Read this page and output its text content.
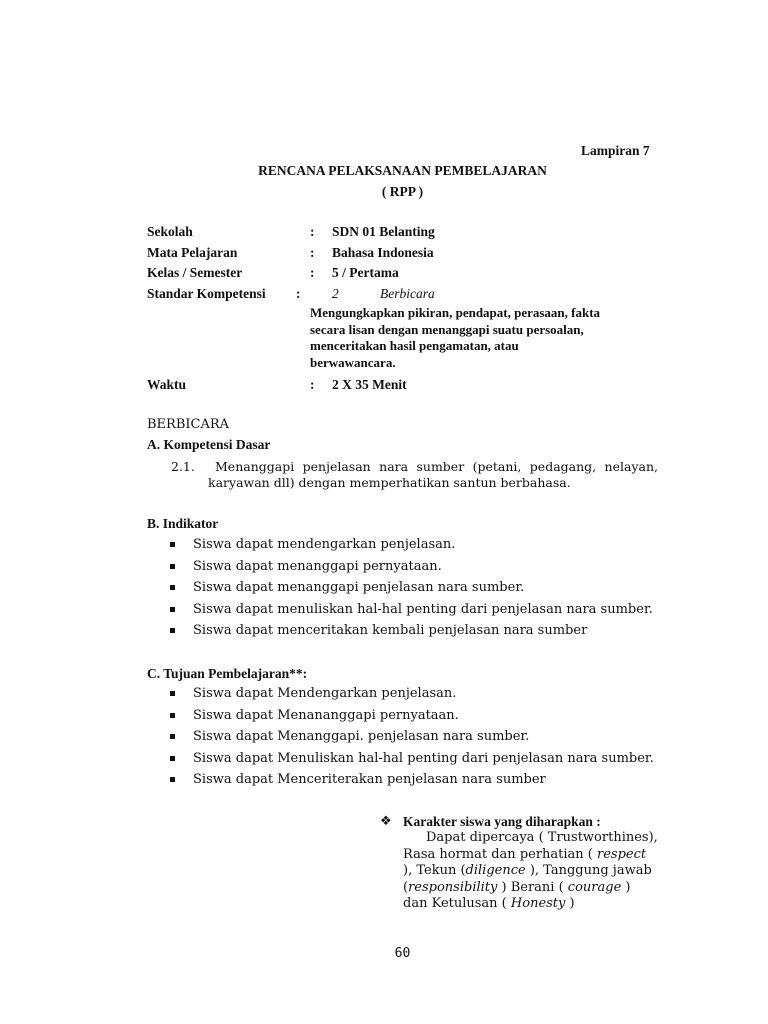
Lampiran 7
RENCANA PELAKSANAAN PEMBELAJARAN
( RPP )
Sekolah	: SDN 01 Belanting
Mata Pelajaran	: Bahasa Indonesia
Kelas / Semester	: 5 / Pertama
Standar Kompetensi : 2	Berbicara
Mengungkapkan pikiran, pendapat, perasaan, fakta
secara lisan dengan menanggapi suatu persoalan,
menceritakan hasil pengamatan, atau
berwawancara.
Waktu	: 2 X 35 Menit
BERBICARA
A. Kompetensi Dasar
2.1. Menanggapi penjelasan nara sumber (petani, pedagang, nelayan,
karyawan dll) dengan memperhatikan santun berbahasa.
B. Indikator
Siswa dapat mendengarkan penjelasan.
Siswa dapat menanggapi pernyataan.
Siswa dapat menanggapi penjelasan nara sumber.
Siswa dapat menuliskan hal-hal penting dari penjelasan nara sumber.
Siswa dapat menceritakan kembali penjelasan nara sumber
C. Tujuan Pembelajaran**:
Siswa dapat Mendengarkan penjelasan.
Siswa dapat Menananggapi pernyataan.
Siswa dapat Menanggapi. penjelasan nara sumber.
Siswa dapat Menuliskan hal-hal penting dari penjelasan nara sumber.
Siswa dapat Menceriterakan penjelasan nara sumber
❖ Karakter siswa yang diharapkan :
Dapat dipercaya ( Trustworthines), Rasa hormat dan perhatian ( respect ), Tekun (diligence ), Tanggung jawab (responsibility ) Berani ( courage ) dan Ketulusan ( Honesty )
60
